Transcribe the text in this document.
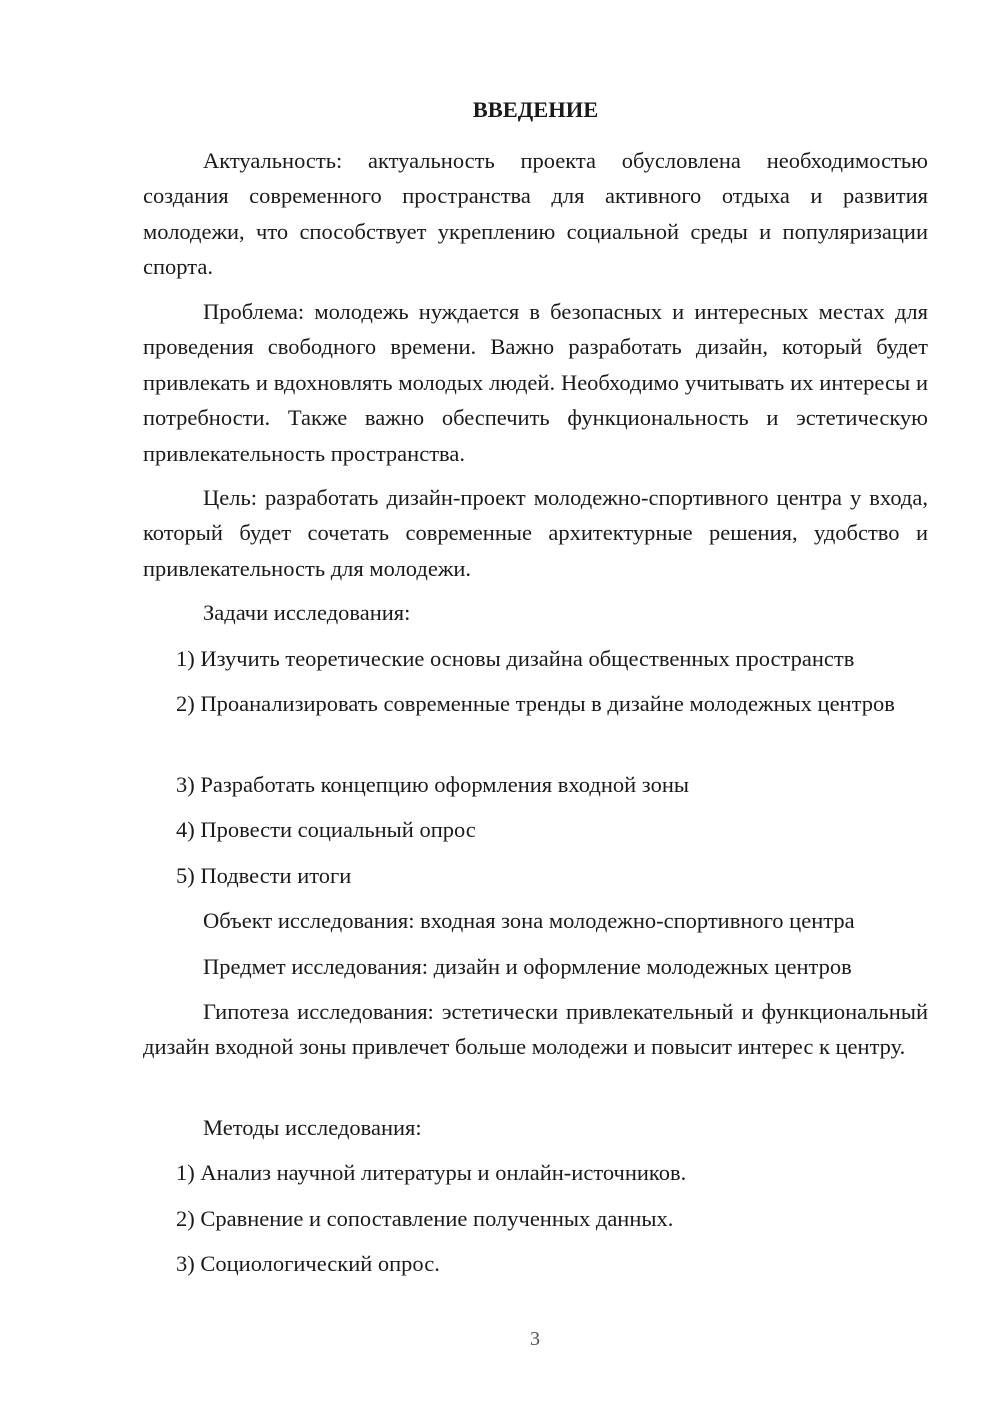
ВВЕДЕНИЕ

Актуальность: актуальность проекта обусловлена необходимостью создания современного пространства для активного отдыха и развития молодежи, что способствует укреплению социальной среды и популяризации спорта.

Проблема: молодежь нуждается в безопасных и интересных местах для проведения свободного времени. Важно разработать дизайн, который будет привлекать и вдохновлять молодых людей. Необходимо учитывать их интересы и потребности. Также важно обеспечить функциональность и эстетическую привлекательность пространства.

Цель: разработать дизайн-проект молодежно-спортивного центра у входа, который будет сочетать современные архитектурные решения, удобство и привлекательность для молодежи.

Задачи исследования:

1) Изучить теоретические основы дизайна общественных пространств

2) Проанализировать современные тренды в дизайне молодежных центров

3) Разработать концепцию оформления входной зоны

4) Провести социальный опрос

5) Подвести итоги

Объект исследования: входная зона молодежно-спортивного центра

Предмет исследования: дизайн и оформление молодежных центров

Гипотеза исследования: эстетически привлекательный и функциональный дизайн входной зоны привлечет больше молодежи и повысит интерес к центру.

Методы исследования:

1) Анализ научной литературы и онлайн-источников.

2) Сравнение и сопоставление полученных данных.

3) Социологический опрос.

3
